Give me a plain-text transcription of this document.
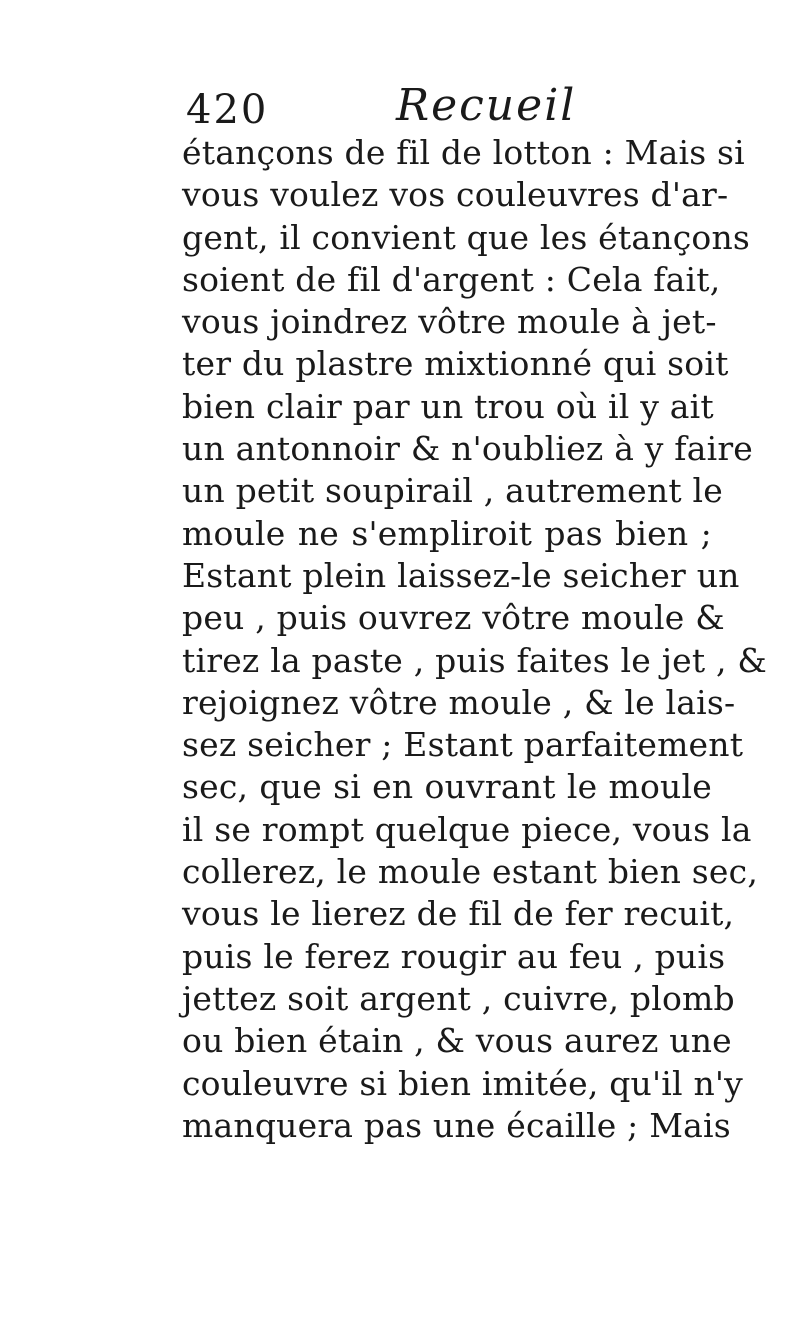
420	Recueil
étançons de fil de lotton : Mais si
vous voulez vos couleuvres d'ar-
gent, il convient que les étançons
soient de fil d'argent : Cela fait,
vous joindrez vôtre moule à jet-
ter du plastre mixtionné qui soit
bien clair par un trou où il y ait
un antonnoir & n'oubliez à y faire
un petit soupirail , autrement le
moule ne s'empliroit pas bien ;
Estant plein laissez-le seicher un
peu , puis ouvrez vôtre moule &
tirez la paste , puis faites le jet , &
rejoignez vôtre moule , & le lais-
sez seicher ; Estant parfaitement
sec, que si en ouvrant le moule
il se rompt quelque piece, vous la
collerez, le moule estant bien sec,
vous le lierez de fil de fer recuit,
puis le ferez rougir au feu , puis
jettez soit argent , cuivre, plomb
ou bien étain , & vous aurez une
couleuvre si bien imitée, qu'il n'y
manquera pas une écaille ; Mais
